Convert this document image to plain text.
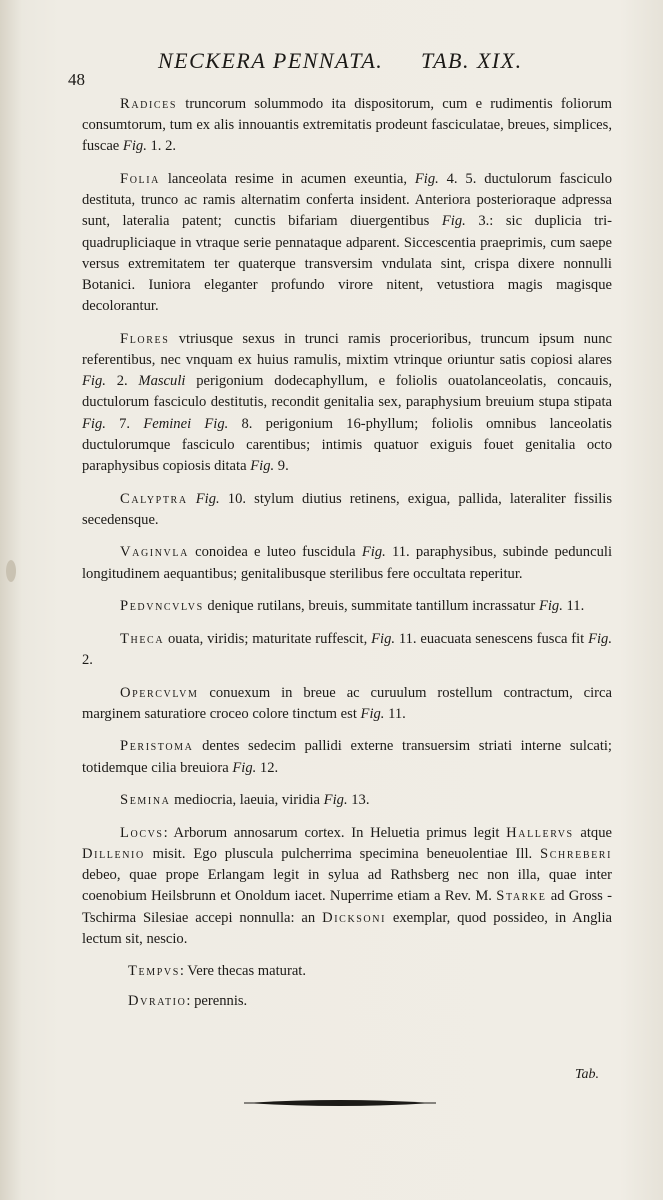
48
NECKERA PENNATA. TAB. XIX.

Radices truncorum solummodo ita dispositorum, cum e rudimentis foliorum consumtorum, tum ex alis innouantis extremitatis prodeunt fasciculatae, breues, simplices, fuscae Fig. 1. 2.

Folia lanceolata resime in acumen exeuntia, Fig. 4. 5. ductulorum fasciculo destituta, trunco ac ramis alternatim conferta insident. Anteriora posterioraque adpressa sunt, lateralia patent; cunctis bifariam diuergentibus Fig. 3.: sic duplicia tri- quadrupliciaque in vtraque serie pennataque adparent. Siccescentia praeprimis, cum saepe versus extremitatem ter quaterque transversim vndulata sint, crispa dixere nonnulli Botanici. Iuniora eleganter profundo virore nitent, vetustiora magis magisque decolorantur.

Flores vtriusque sexus in trunci ramis procerioribus, truncum ipsum nunc referentibus, nec vnquam ex huius ramulis, mixtim vtrinque oriuntur satis copiosi alares Fig. 2. Masculi perigonium dodecaphyllum, e foliolis ouatolanceolatis, concauis, ductulorum fasciculo destitutis, recondit genitalia sex, paraphysium breuium stupa stipata Fig. 7. Feminei Fig. 8. perigonium 16-phyllum; foliolis omnibus lanceolatis ductulorumque fasciculo carentibus; intimis quatuor exiguis fouet genitalia octo paraphysibus copiosis ditata Fig. 9.

Calyptra Fig. 10. stylum diutius retinens, exigua, pallida, lateraliter fissilis secedensque.

Vaginvla conoidea e luteo fuscidula Fig. 11. paraphysibus, subinde pedunculi longitudinem aequantibus; genitalibusque sterilibus fere occultata reperitur.

Pedvncvlvs denique rutilans, breuis, summitate tantillum incrassatur Fig. 11.

Theca ouata, viridis; maturitate ruffescit, Fig. 11. euacuata senescens fusca fit Fig. 2.

Opercvlvm conuexum in breue ac curuulum rostellum contractum, circa marginem saturatiore croceo colore tinctum est Fig. 11.

Peristoma dentes sedecim pallidi externe transuersim striati interne sulcati; totidemque cilia breuiora Fig. 12.

Semina mediocria, laeuia, viridia Fig. 13.

Locvs: Arborum annosarum cortex. In Heluetia primus legit Hallervs atque Dillenio misit. Ego pluscula pulcherrima specimina beneuolentiae Ill. Schreberi debeo, quae prope Erlangam legit in sylua ad Rathsberg nec non illa, quae inter coenobium Heilsbrunn et Onoldum iacet. Nuperrime etiam a Rev. M. Starke ad Gross - Tschirma Silesiae accepi nonnulla: an Dicksoni exemplar, quod possideo, in Anglia lectum sit, nescio.

Tempvs: Vere thecas maturat.

Dvratio: perennis.

Tab.
